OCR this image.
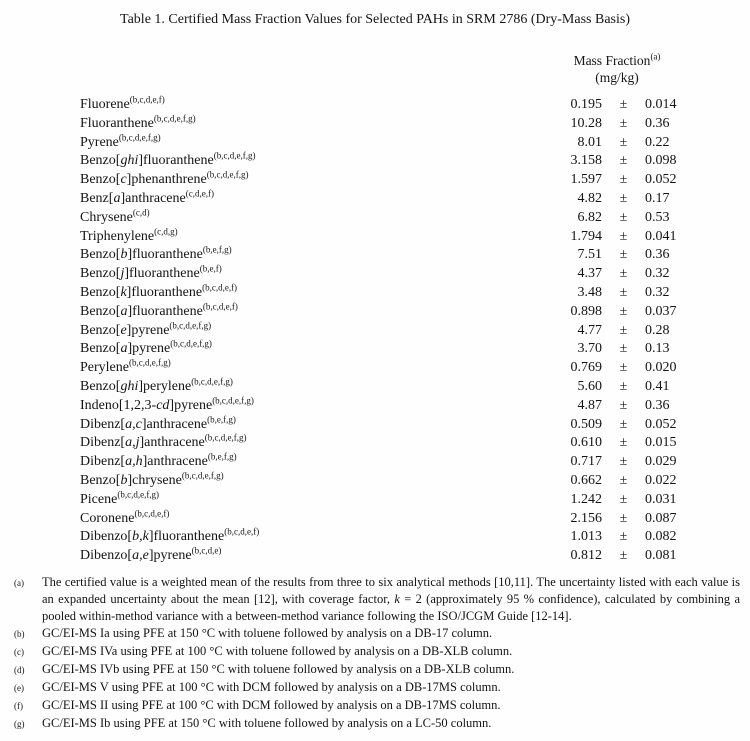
Table 1. Certified Mass Fraction Values for Selected PAHs in SRM 2786 (Dry-Mass Basis)
Mass Fraction$^{(a)}$
(mg/kg)
Fluorene$^{(b,c,d,e,f)}$	0.195	±	0.014
Fluoranthene$^{(b,c,d,e,f,g)}$	10.28	±	0.36
Pyrene$^{(b,c,d,e,f,g)}$	8.01	±	0.22
Benzo[ghi]fluoranthene$^{(b,c,d,e,f,g)}$	3.158	±	0.098
Benzo[c]phenanthrene$^{(b,c,d,e,f,g)}$	1.597	±	0.052
Benz[a]anthracene$^{(c,d,e,f)}$	4.82	±	0.17
Chrysene$^{(c,d)}$	6.82	±	0.53
Triphenylene$^{(c,d,g)}$	1.794	±	0.041
Benzo[b]fluoranthene$^{(b,e,f,g)}$	7.51	±	0.36
Benzo[j]fluoranthene$^{(b,e,f)}$	4.37	±	0.32
Benzo[k]fluoranthene$^{(b,c,d,e,f)}$	3.48	±	0.32
Benzo[a]fluoranthene$^{(b,c,d,e,f)}$	0.898	±	0.037
Benzo[e]pyrene$^{(b,c,d,e,f,g)}$	4.77	±	0.28
Benzo[a]pyrene$^{(b,c,d,e,f,g)}$	3.70	±	0.13
Perylene$^{(b,c,d,e,f,g)}$	0.769	±	0.020
Benzo[ghi]perylene$^{(b,c,d,e,f,g)}$	5.60	±	0.41
Indeno[1,2,3-cd]pyrene$^{(b,c,d,e,f,g)}$	4.87	±	0.36
Dibenz[a,c]anthracene$^{(b,e,f,g)}$	0.509	±	0.052
Dibenz[a,j]anthracene$^{(b,c,d,e,f,g)}$	0.610	±	0.015
Dibenz[a,h]anthracene$^{(b,e,f,g)}$	0.717	±	0.029
Benzo[b]chrysene$^{(b,c,d,e,f,g)}$	0.662	±	0.022
Picene$^{(b,c,d,e,f,g)}$	1.242	±	0.031
Coronene$^{(b,c,d,e,f)}$	2.156	±	0.087
Dibenzo[b,k]fluoranthene$^{(b,c,d,e,f)}$	1.013	±	0.082
Dibenzo[a,e]pyrene$^{(b,c,d,e)}$	0.812	±	0.081
(a)	The certified value is a weighted mean of the results from three to six analytical methods [10,11]. The uncertainty listed with each value is an expanded uncertainty about the mean [12], with coverage factor, k = 2 (approximately 95 % confidence), calculated by combining a pooled within-method variance with a between-method variance following the ISO/JCGM Guide [12-14].
(b)	GC/EI-MS Ia using PFE at 150 °C with toluene followed by analysis on a DB-17 column.
(c)	GC/EI-MS IVa using PFE at 100 °C with toluene followed by analysis on a DB-XLB column.
(d)	GC/EI-MS IVb using PFE at 150 °C with toluene followed by analysis on a DB-XLB column.
(e)	GC/EI-MS V using PFE at 100 °C with DCM followed by analysis on a DB-17MS column.
(f)	GC/EI-MS II using PFE at 100 °C with DCM followed by analysis on a DB-17MS column.
(g)	GC/EI-MS Ib using PFE at 150 °C with toluene followed by analysis on a LC-50 column.
